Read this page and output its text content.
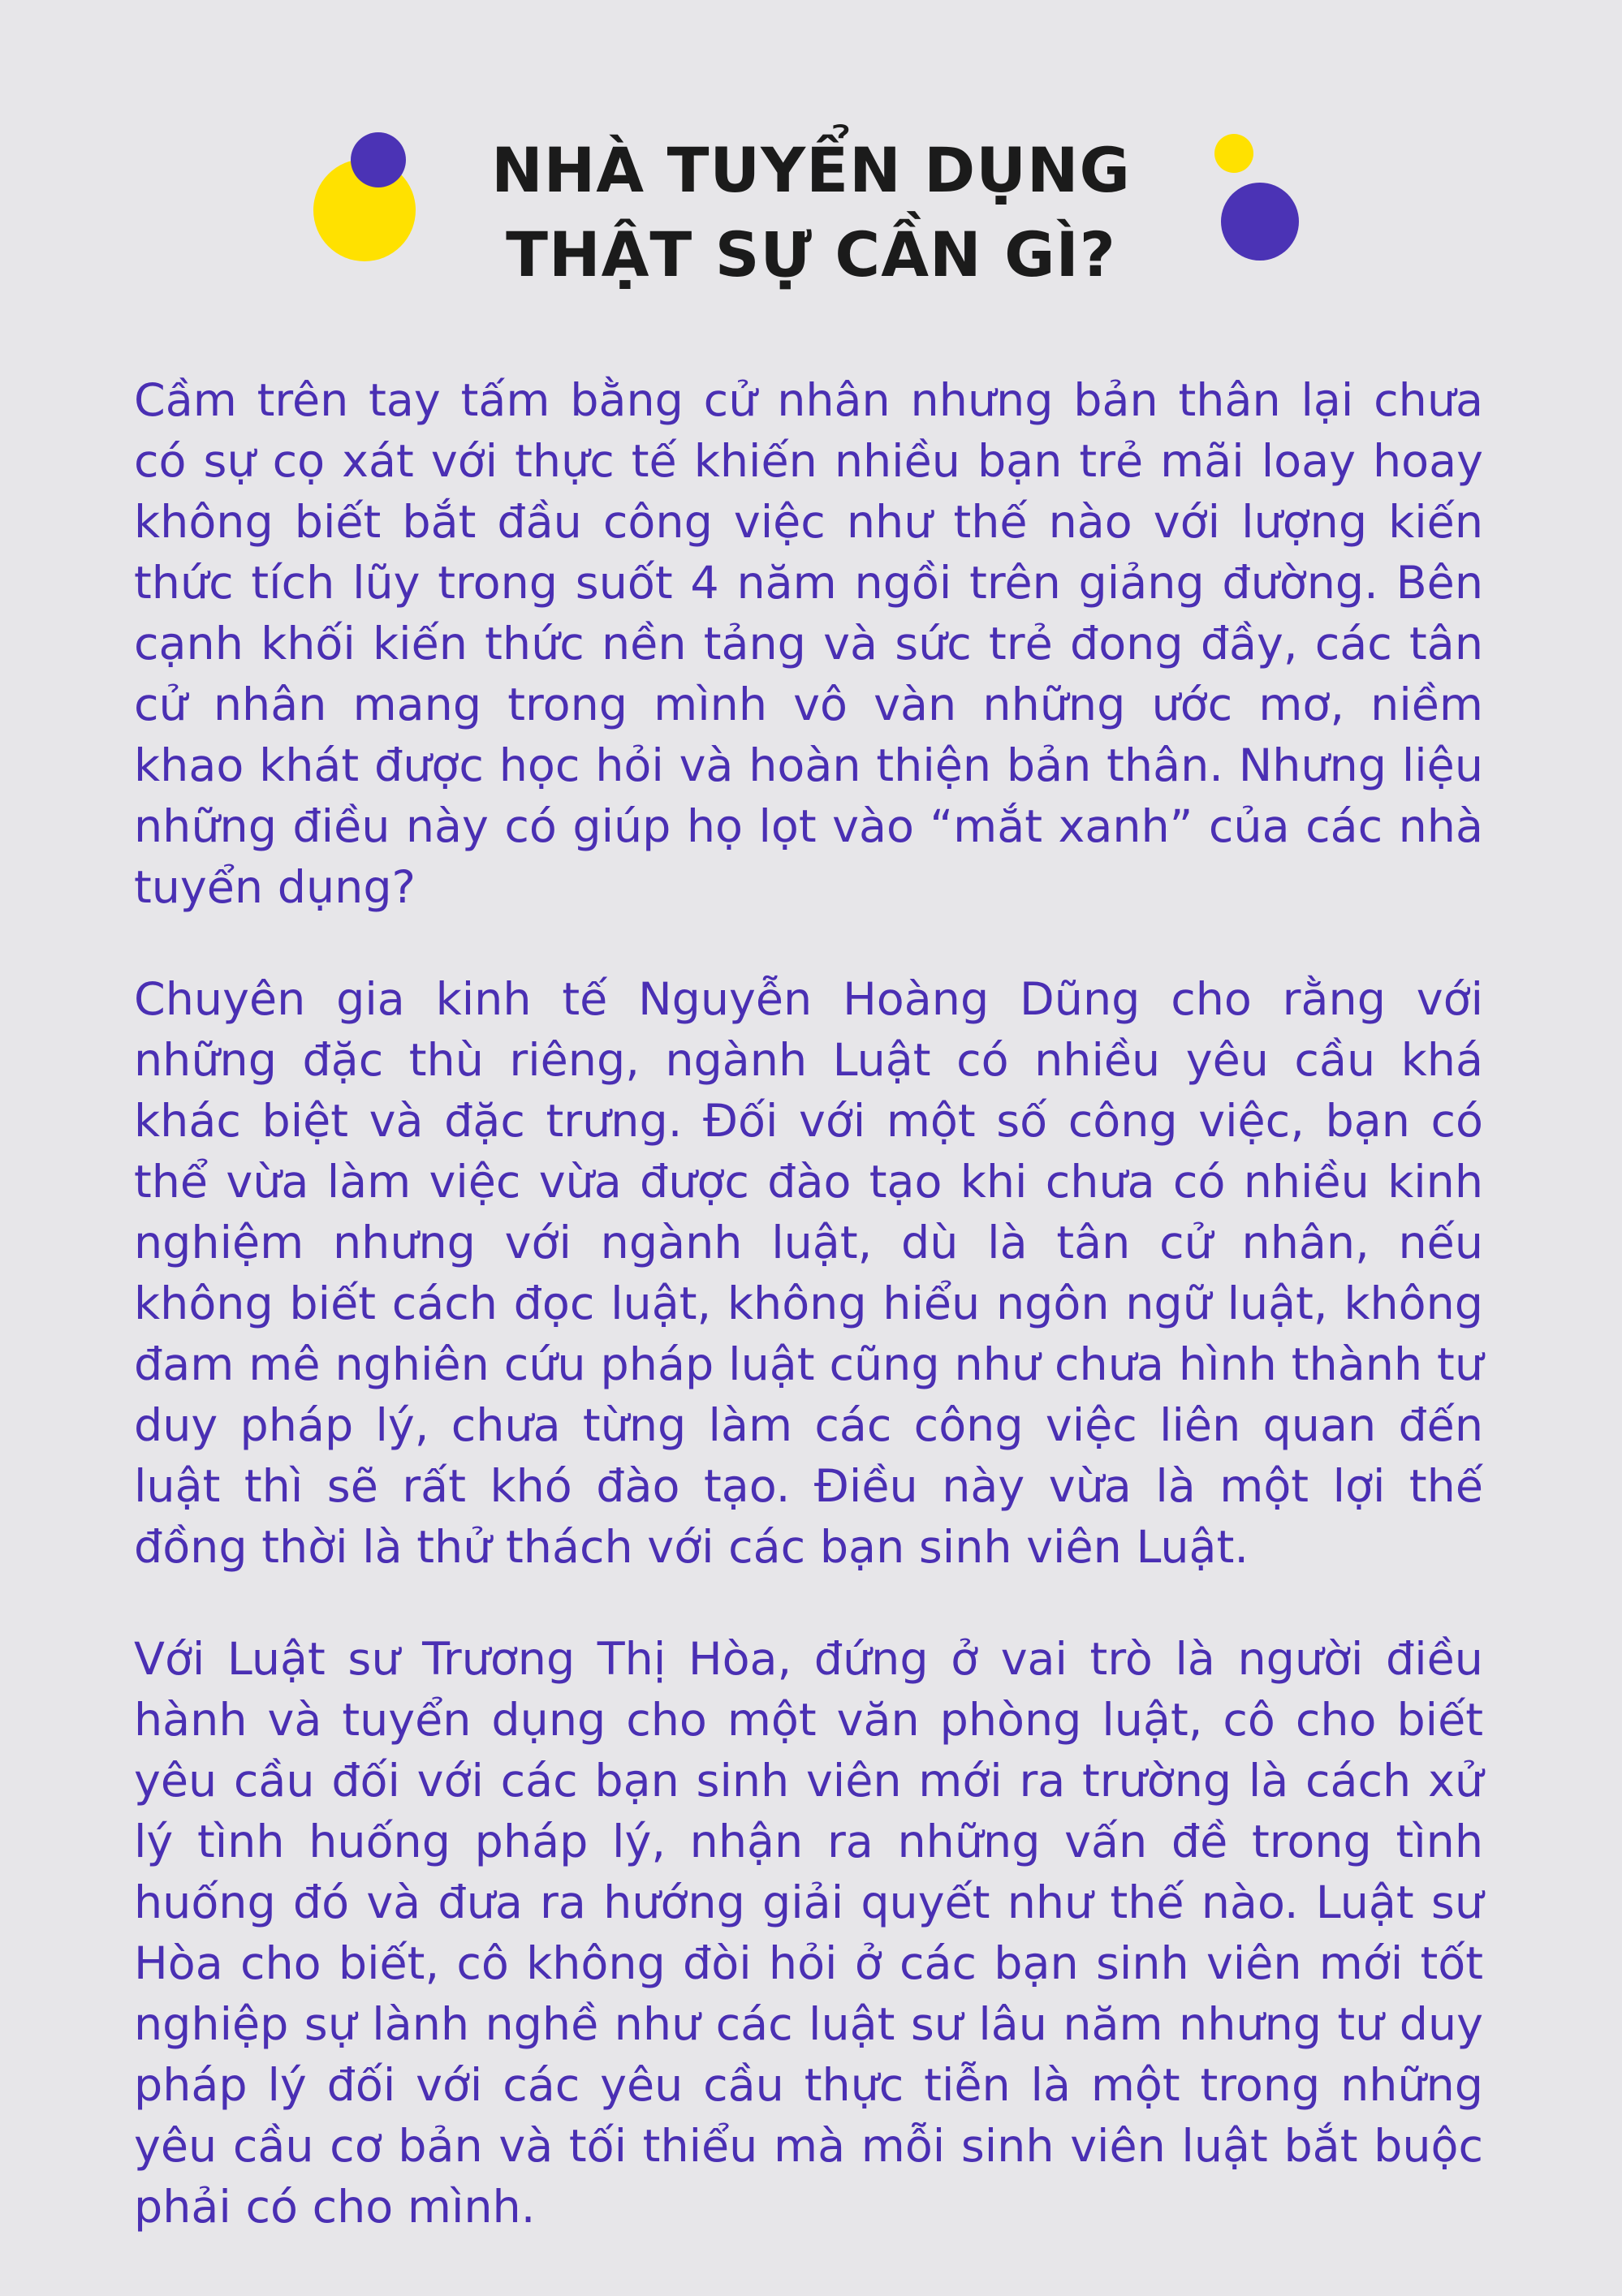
NHÀ TUYỂN DỤNG
THẬT SỰ CẦN GÌ?

Cầm trên tay tấm bằng cử nhân nhưng bản thân lại chưa có sự cọ xát với thực tế khiến nhiều bạn trẻ mãi loay hoay không biết bắt đầu công việc như thế nào với lượng kiến thức tích lũy trong suốt 4 năm ngồi trên giảng đường. Bên cạnh khối kiến thức nền tảng và sức trẻ đong đầy, các tân cử nhân mang trong mình vô vàn những ước mơ, niềm khao khát được học hỏi và hoàn thiện bản thân. Nhưng liệu những điều này có giúp họ lọt vào “mắt xanh” của các nhà tuyển dụng?

Chuyên gia kinh tế Nguyễn Hoàng Dũng cho rằng với những đặc thù riêng, ngành Luật có nhiều yêu cầu khá khác biệt và đặc trưng. Đối với một số công việc, bạn có thể vừa làm việc vừa được đào tạo khi chưa có nhiều kinh nghiệm nhưng với ngành luật, dù là tân cử nhân, nếu không biết cách đọc luật, không hiểu ngôn ngữ luật, không đam mê nghiên cứu pháp luật cũng như chưa hình thành tư duy pháp lý, chưa từng làm các công việc liên quan đến luật thì sẽ rất khó đào tạo. Điều này vừa là một lợi thế đồng thời là thử thách với các bạn sinh viên Luật.

Với Luật sư Trương Thị Hòa, đứng ở vai trò là người điều hành và tuyển dụng cho một văn phòng luật, cô cho biết yêu cầu đối với các bạn sinh viên mới ra trường là cách xử lý tình huống pháp lý, nhận ra những vấn đề trong tình huống đó và đưa ra hướng giải quyết như thế nào. Luật sư Hòa cho biết, cô không đòi hỏi ở các bạn sinh viên mới tốt nghiệp sự lành nghề như các luật sư lâu năm nhưng tư duy pháp lý đối với các yêu cầu thực tiễn là một trong những yêu cầu cơ bản và tối thiểu mà mỗi sinh viên luật bắt buộc phải có cho mình.
